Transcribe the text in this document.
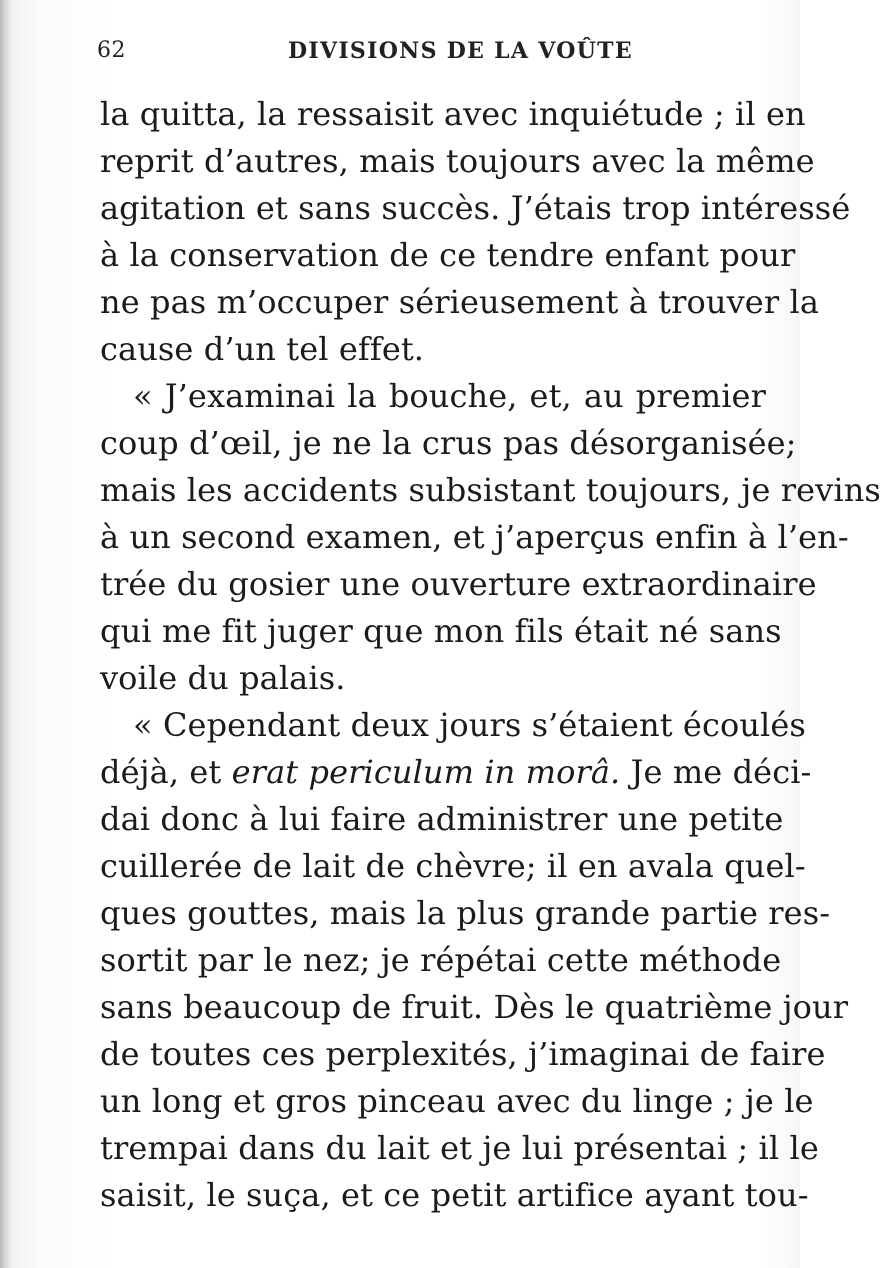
62	DIVISIONS DE LA VOÛTE
la quitta, la ressaisit avec inquiétude ; il en
reprit d’autres, mais toujours avec la même
agitation et sans succès. J’étais trop intéressé
à la conservation de ce tendre enfant pour
ne pas m’occuper sérieusement à trouver la
cause d’un tel effet.
« J’examinai la bouche, et, au premier
coup d’œil, je ne la crus pas désorganisée;
mais les accidents subsistant toujours, je revins
à un second examen, et j’aperçus enfin à l’en-
trée du gosier une ouverture extraordinaire
qui me fit juger que mon fils était né sans
voile du palais.
« Cependant deux jours s’étaient écoulés
déjà, et erat periculum in morâ. Je me déci-
dai donc à lui faire administrer une petite
cuillerée de lait de chèvre; il en avala quel-
ques gouttes, mais la plus grande partie res-
sortit par le nez; je répétai cette méthode
sans beaucoup de fruit. Dès le quatrième jour
de toutes ces perplexités, j’imaginai de faire
un long et gros pinceau avec du linge ; je le
trempai dans du lait et je lui présentai ; il le
saisit, le suça, et ce petit artifice ayant tou-
